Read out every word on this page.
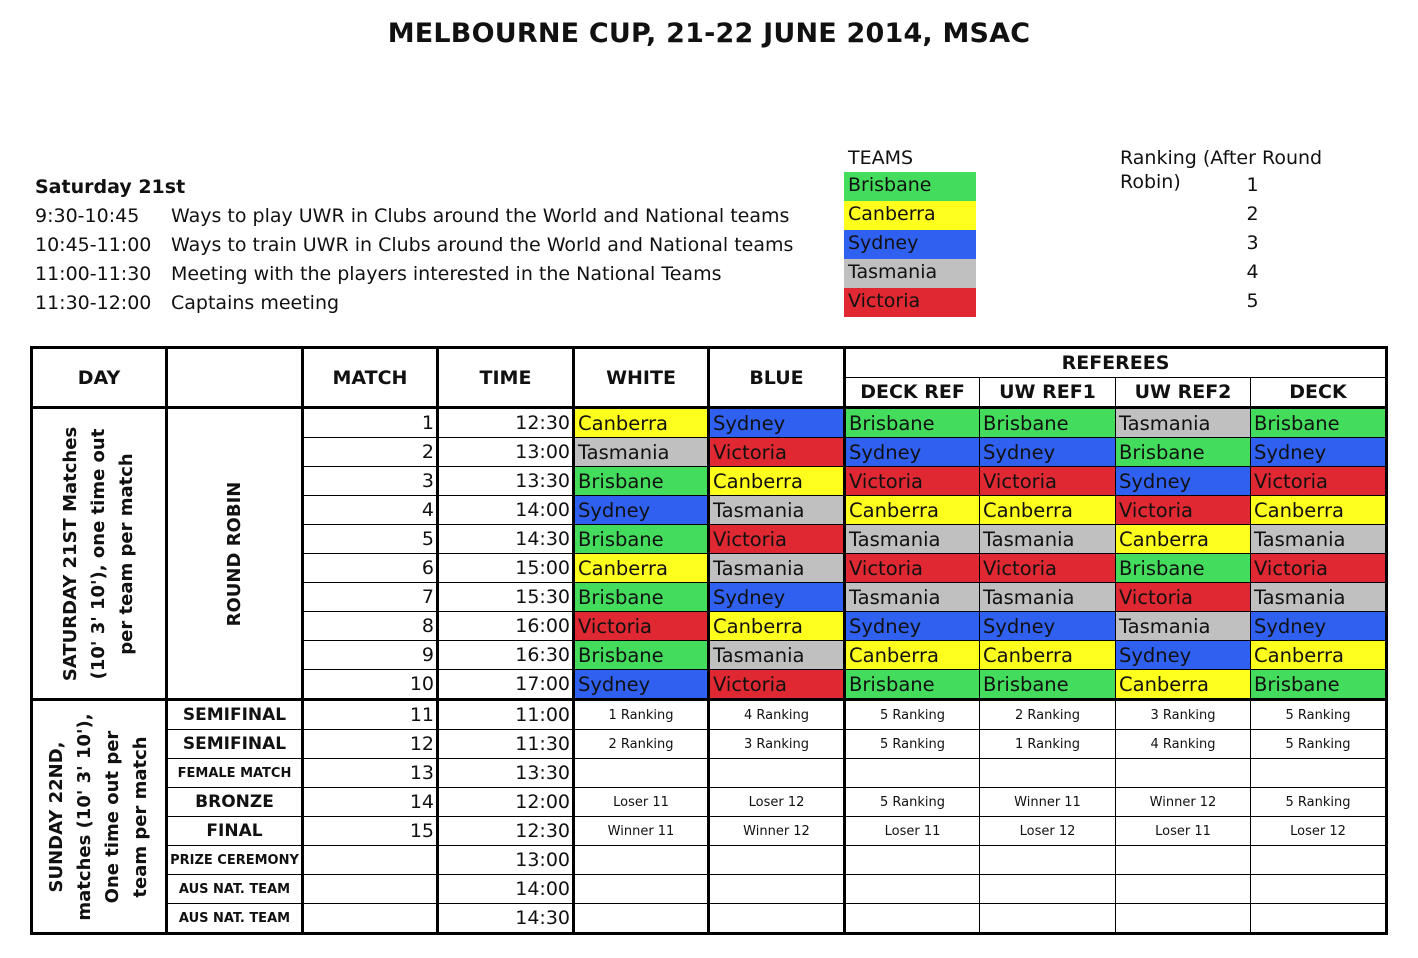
MELBOURNE CUP, 21-22 JUNE 2014, MSAC
Saturday 21st
9:30-10:45 Ways to play UWR in Clubs around the World and National teams
10:45-11:00 Ways to train UWR in Clubs around the World and National teams
11:00-11:30 Meeting with the players interested in the National Teams
11:30-12:00 Captains meeting
TEAMS
Brisbane
Canberra
Sydney
Tasmania
Victoria
Ranking (After Round Robin)	1
2
3
4
5
DAY		MATCH	TIME	WHITE	BLUE	REFEREES			
						DECK REF	UW REF1	UW REF2	DECK

SATURDAY 21ST Matches (10' 3' 10'), one time out per team per match	ROUND ROBIN	1	12:30	Canberra	Sydney	Brisbane	Brisbane	Tasmania	Brisbane
		2	13:00	Tasmania	Victoria	Sydney	Sydney	Brisbane	Sydney
		3	13:30	Brisbane	Canberra	Victoria	Victoria	Sydney	Victoria
		4	14:00	Sydney	Tasmania	Canberra	Canberra	Victoria	Canberra
		5	14:30	Brisbane	Victoria	Tasmania	Tasmania	Canberra	Tasmania
		6	15:00	Canberra	Tasmania	Victoria	Victoria	Brisbane	Victoria
		7	15:30	Brisbane	Sydney	Tasmania	Tasmania	Victoria	Tasmania
		8	16:00	Victoria	Canberra	Sydney	Sydney	Tasmania	Sydney
		9	16:30	Brisbane	Tasmania	Canberra	Canberra	Sydney	Canberra
		10	17:00	Sydney	Victoria	Brisbane	Brisbane	Canberra	Brisbane

SUNDAY 22ND, matches (10' 3' 10'), One time out per team per match	SEMIFINAL	11	11:00	1 Ranking	4 Ranking	5 Ranking	2 Ranking	3 Ranking	5 Ranking
	SEMIFINAL	12	11:30	2 Ranking	3 Ranking	5 Ranking	1 Ranking	4 Ranking	5 Ranking
	FEMALE MATCH	13	13:30						
	BRONZE	14	12:00	Loser 11	Loser 12	5 Ranking	Winner 11	Winner 12	5 Ranking
	FINAL	15	12:30	Winner 11	Winner 12	Loser 11	Loser 12	Loser 11	Loser 12
	PRIZE CEREMONY		13:00						
	AUS NAT. TEAM		14:00						
	AUS NAT. TEAM		14:30						
